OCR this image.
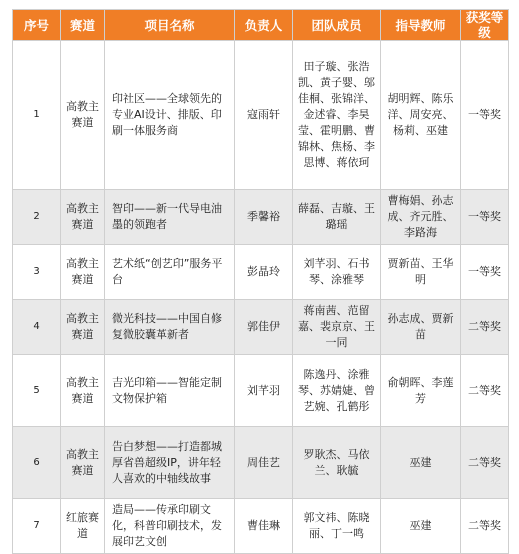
序号	赛道	项目名称	负责人	团队成员	指导教师	获奖等级
1	高教主赛道	印社区——全球领先的专业AI设计、排版、印刷一体服务商	寇雨轩	田子璇、张浩凯、黄子婴、邬佳桐、张锦洋、金述睿、李昊莹、霍明鹏、曹锦林、焦杨、李思博、蒋依珂	胡明辉、陈乐洋、周安亮、杨莉、巫建	一等奖
2	高教主赛道	智印——新一代导电油墨的领跑者	季馨裕	薛磊、吉璇、王璐瑶	曹梅娟、孙志成、齐元胜、李路海	一等奖
3	高教主赛道	艺术纸“创艺印”服务平台	彭晶玲	刘芊羽、石书琴、涂雅琴	贾新苗、王华明	一等奖
4	高教主赛道	微光科技——中国自修复微胶囊革新者	郭佳伊	蒋南茜、范留嘉、裴京京、王一同	孙志成、贾新苗	二等奖
5	高教主赛道	吉光印箱——智能定制文物保护箱	刘芊羽	陈逸丹、涂雅琴、苏婧婕、曾艺婉、孔鹤彤	俞朝晖、李莲芳	二等奖
6	高教主赛道	告白梦想——打造都城厚省兽超级IP，讲年轻人喜欢的中轴线故事	周佳艺	罗耿杰、马依兰、耿毓	巫建	二等奖
7	红旅赛道	造局——传承印刷文化，科普印刷技术，发展印艺文创	曹佳琳	郭文祎、陈晓丽、丁一鸣	巫建	二等奖
